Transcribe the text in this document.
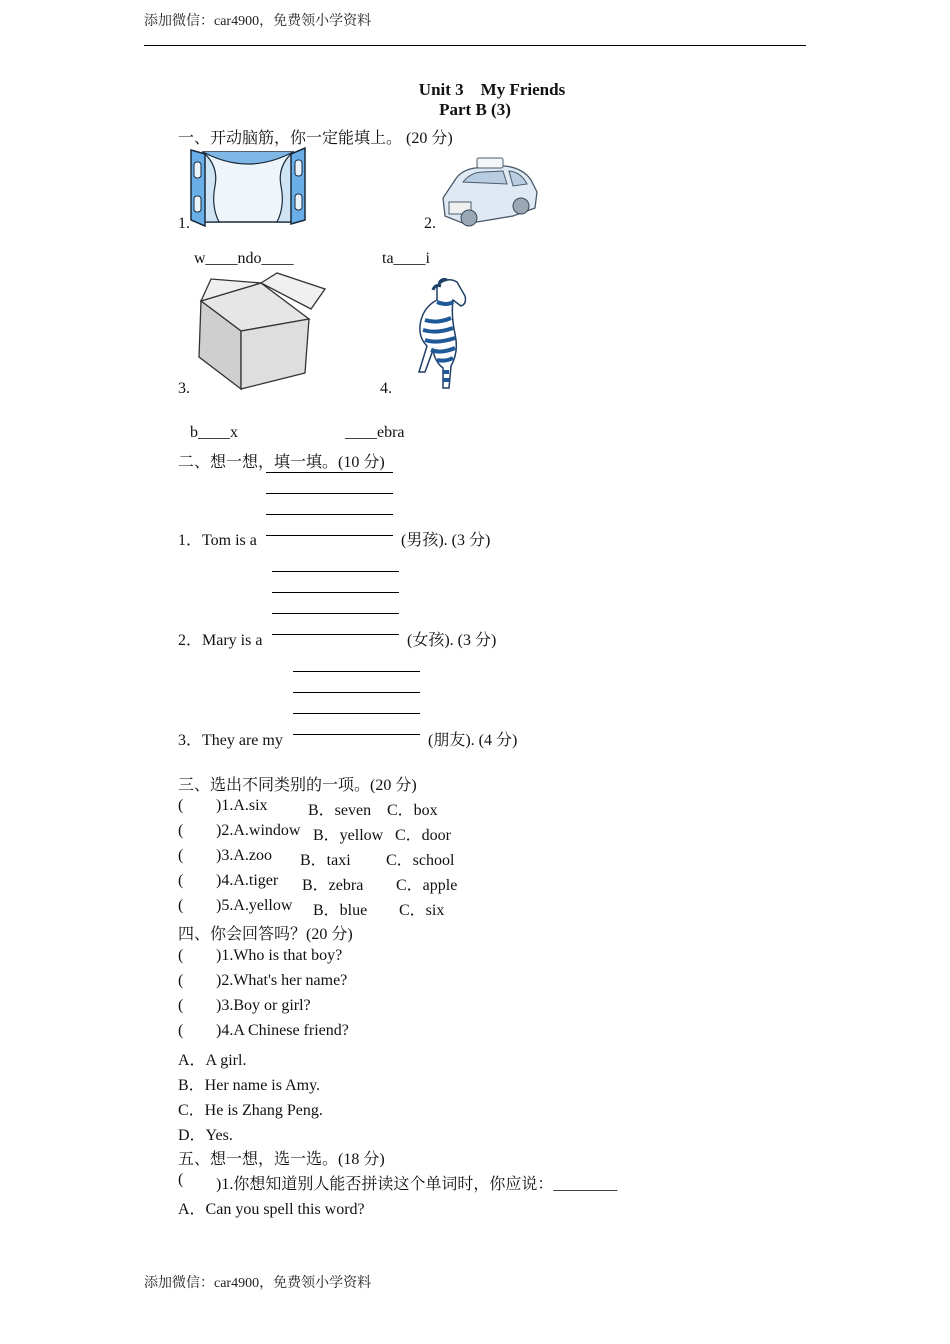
添加微信：car4900，免费领小学资料
Unit 3　My Friends
Part B (3)
一、开动脑筋，你一定能填上。 (20 分)
1.
w____ndo____
2.
ta____i
3.
b____x
4.
____ebra
二、想一想，填一填。(10 分)
1．Tom is a	(男孩). (3 分)
2．Mary is a	(女孩). (3 分)
3．They are my	(朋友). (4 分)
三、选出不同类别的一项。(20 分)
( )1.A.six	B．seven C．box
( )2.A.window B．yellow C．door
( )3.A.zoo B．taxi C．school
( )4.A.tiger B．zebra C．apple
( )5.A.yellow B．blue C．six
四、你会回答吗？(20 分)
( )1.Who is that boy?
( )2.What's her name?
( )3.Boy or girl?
( )4.A Chinese friend?
A．A girl.
B．Her name is Amy.
C．He is Zhang Peng.
D．Yes.
五、想一想，选一选。(18 分)
( )1.你想知道别人能否拼读这个单词时，你应说：________
A．Can you spell this word?
添加微信：car4900，免费领小学资料
